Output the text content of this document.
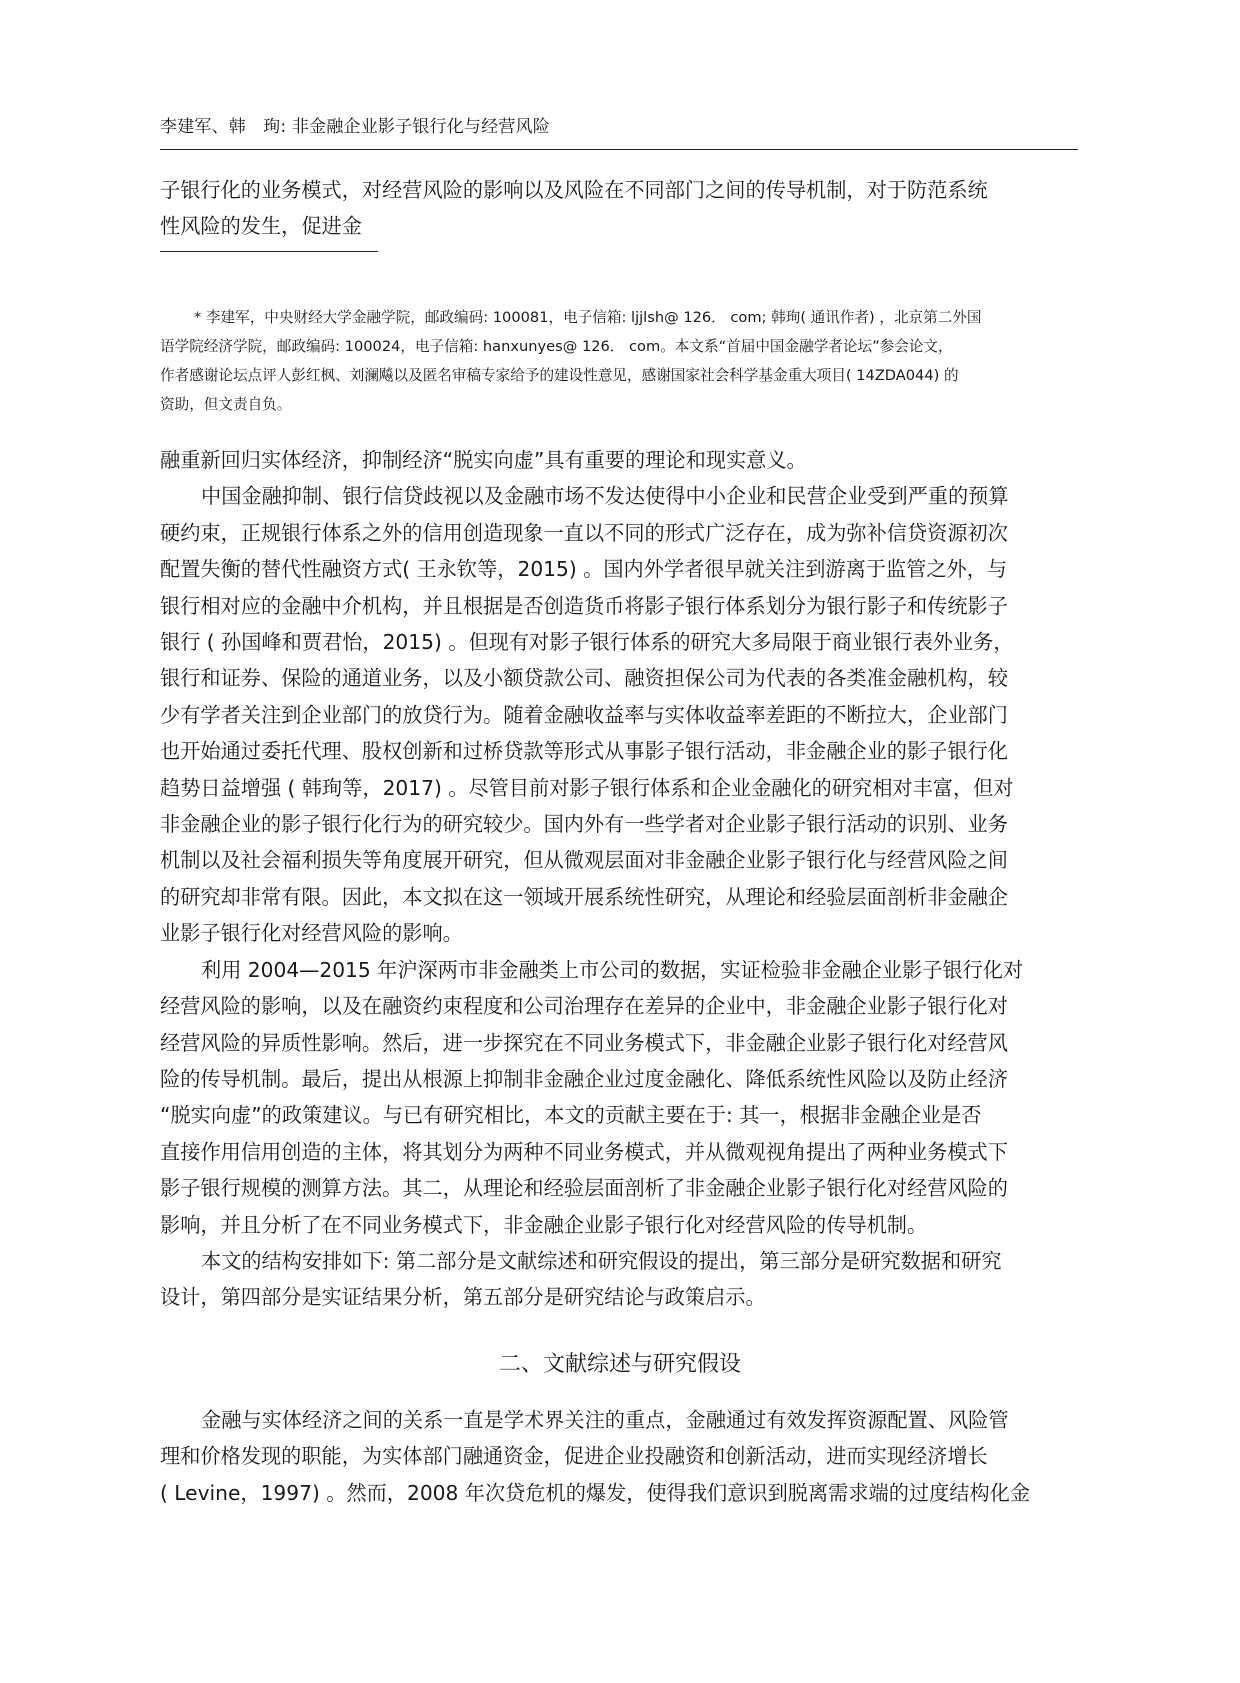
李建军、韩　珣: 非金融企业影子银行化与经营风险
子银行化的业务模式，对经营风险的影响以及风险在不同部门之间的传导机制，对于防范系统
性风险的发生，促进金
* 李建军，中央财经大学金融学院，邮政编码: 100081，电子信箱: ljjlsh@ 126． com; 韩珣( 通讯作者) ，北京第二外国
语学院经济学院，邮政编码: 100024，电子信箱: hanxunyes@ 126． com。本文系“首届中国金融学者论坛”参会论文，
作者感谢论坛点评人彭红枫、刘澜飚以及匿名审稿专家给予的建设性意见，感谢国家社会科学基金重大项目( 14ZDA044) 的
资助，但文责自负。
融重新回归实体经济，抑制经济“脱实向虚”具有重要的理论和现实意义。
中国金融抑制、银行信贷歧视以及金融市场不发达使得中小企业和民营企业受到严重的预算
硬约束，正规银行体系之外的信用创造现象一直以不同的形式广泛存在，成为弥补信贷资源初次
配置失衡的替代性融资方式( 王永钦等，2015) 。国内外学者很早就关注到游离于监管之外，与
银行相对应的金融中介机构，并且根据是否创造货币将影子银行体系划分为银行影子和传统影子
银行 ( 孙国峰和贾君怡，2015) 。但现有对影子银行体系的研究大多局限于商业银行表外业务，
银行和证券、保险的通道业务，以及小额贷款公司、融资担保公司为代表的各类准金融机构，较
少有学者关注到企业部门的放贷行为。随着金融收益率与实体收益率差距的不断拉大，企业部门
也开始通过委托代理、股权创新和过桥贷款等形式从事影子银行活动，非金融企业的影子银行化
趋势日益增强 ( 韩珣等，2017) 。尽管目前对影子银行体系和企业金融化的研究相对丰富，但对
非金融企业的影子银行化行为的研究较少。国内外有一些学者对企业影子银行活动的识别、业务
机制以及社会福利损失等角度展开研究，但从微观层面对非金融企业影子银行化与经营风险之间
的研究却非常有限。因此，本文拟在这一领域开展系统性研究，从理论和经验层面剖析非金融企
业影子银行化对经营风险的影响。
利用 2004—2015 年沪深两市非金融类上市公司的数据，实证检验非金融企业影子银行化对
经营风险的影响，以及在融资约束程度和公司治理存在差异的企业中，非金融企业影子银行化对
经营风险的异质性影响。然后，进一步探究在不同业务模式下，非金融企业影子银行化对经营风
险的传导机制。最后，提出从根源上抑制非金融企业过度金融化、降低系统性风险以及防止经济
“脱实向虚”的政策建议。与已有研究相比，本文的贡献主要在于: 其一，根据非金融企业是否
直接作用信用创造的主体，将其划分为两种不同业务模式，并从微观视角提出了两种业务模式下
影子银行规模的测算方法。其二，从理论和经验层面剖析了非金融企业影子银行化对经营风险的
影响，并且分析了在不同业务模式下，非金融企业影子银行化对经营风险的传导机制。
本文的结构安排如下: 第二部分是文献综述和研究假设的提出，第三部分是研究数据和研究
设计，第四部分是实证结果分析，第五部分是研究结论与政策启示。
二、文献综述与研究假设
金融与实体经济之间的关系一直是学术界关注的重点，金融通过有效发挥资源配置、风险管
理和价格发现的职能，为实体部门融通资金，促进企业投融资和创新活动，进而实现经济增长
( Levine，1997) 。然而，2008 年次贷危机的爆发，使得我们意识到脱离需求端的过度结构化金
